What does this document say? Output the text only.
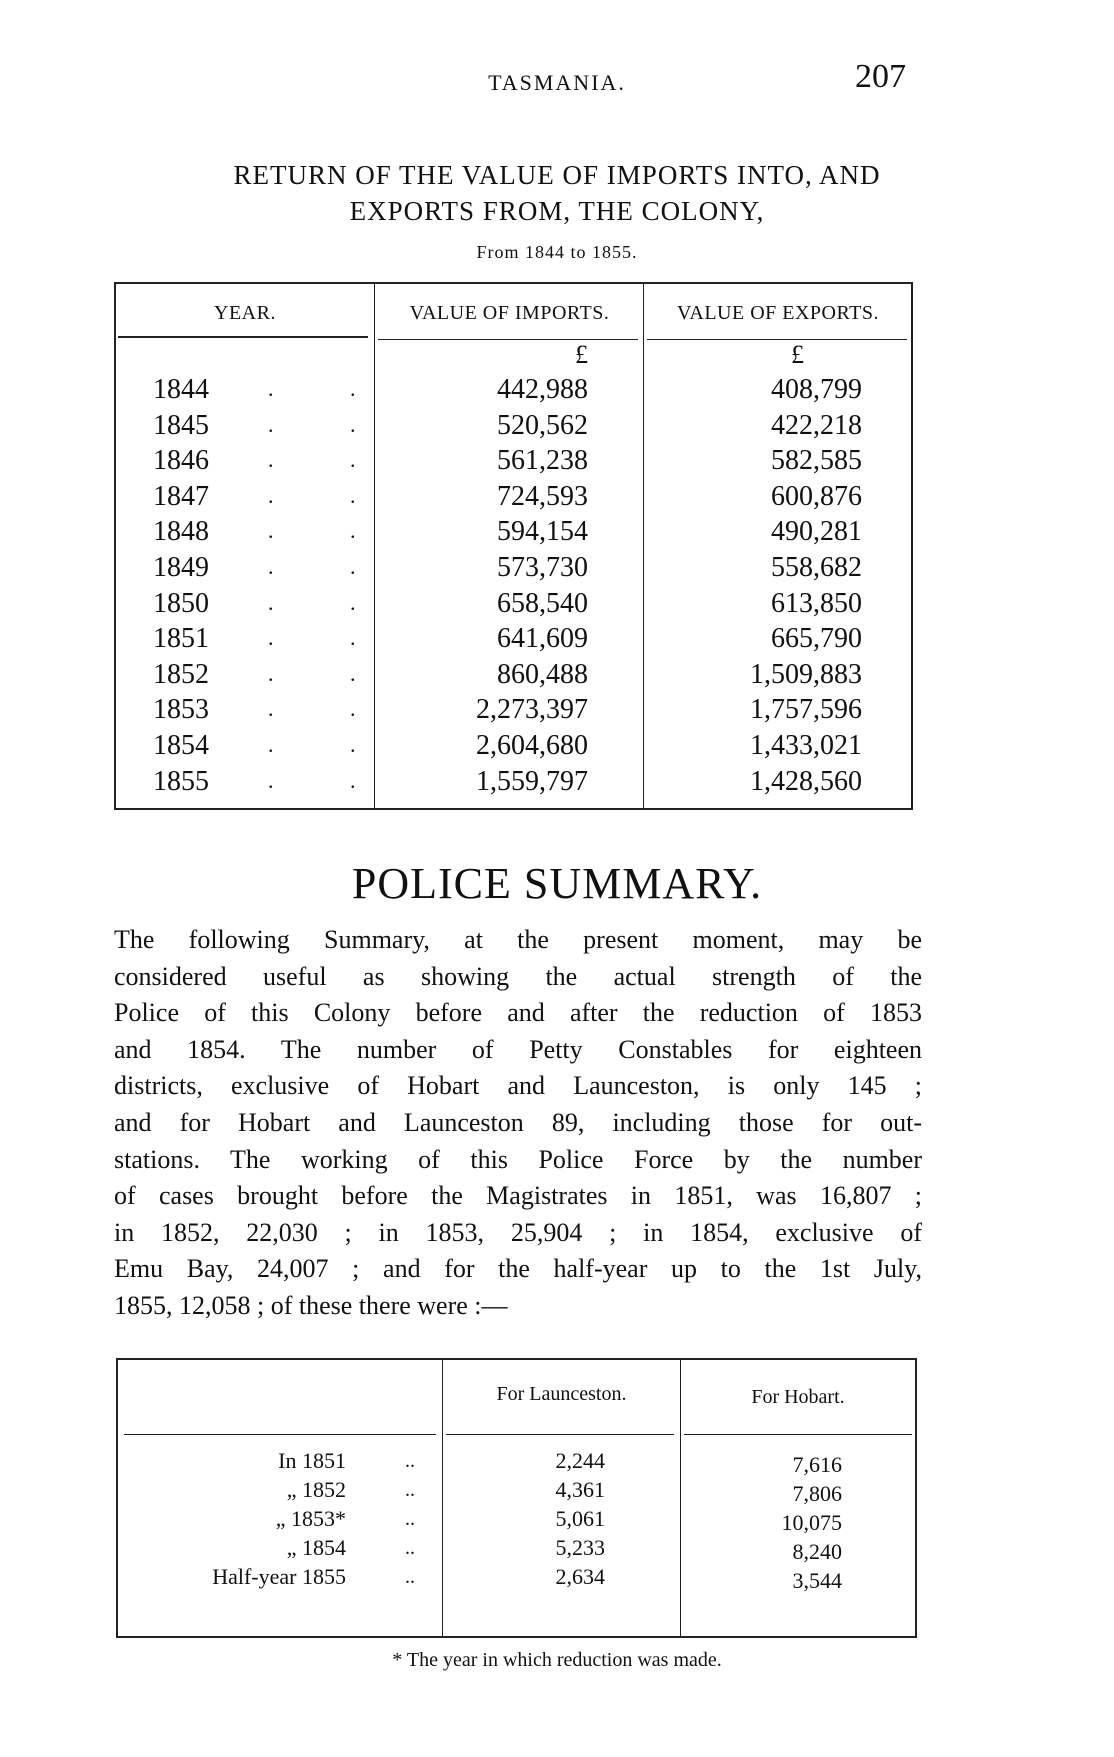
TASMANIA.	207
RETURN OF THE VALUE OF IMPORTS INTO, AND
EXPORTS FROM, THE COLONY,
From 1844 to 1855.
YEAR.	VALUE OF IMPORTS.	VALUE OF EXPORTS.
£	£
1844	.	.	442,988	408,799
1845	.	.	520,562	422,218
1846	.	.	561,238	582,585
1847	.	.	724,593	600,876
1848	.	.	594,154	490,281
1849	.	.	573,730	558,682
1850	.	.	658,540	613,850
1851	.	.	641,609	665,790
1852	.	.	860,488	1,509,883
1853	.	.	2,273,397	1,757,596
1854	.	.	2,604,680	1,433,021
1855	.	.	1,559,797	1,428,560
POLICE SUMMARY.
The following Summary, at the present moment, may be
considered useful as showing the actual strength of the
Police of this Colony before and after the reduction of 1853
and 1854. The number of Petty Constables for eighteen
districts, exclusive of Hobart and Launceston, is only 145 ;
and for Hobart and Launceston 89, including those for out-
stations. The working of this Police Force by the number
of cases brought before the Magistrates in 1851, was 16,807 ;
in 1852, 22,030 ; in 1853, 25,904 ; in 1854, exclusive of
Emu Bay, 24,007 ; and for the half-year up to the 1st July,
1855, 12,058 ; of these there were :—
For Launceston.	For Hobart.
In 1851	..	2,244	7,616
„ 1852	..	4,361	7,806
„ 1853*	..	5,061	10,075
„ 1854	..	5,233	8,240
Half-year 1855	..	2,634	3,544
* The year in which reduction was made.
